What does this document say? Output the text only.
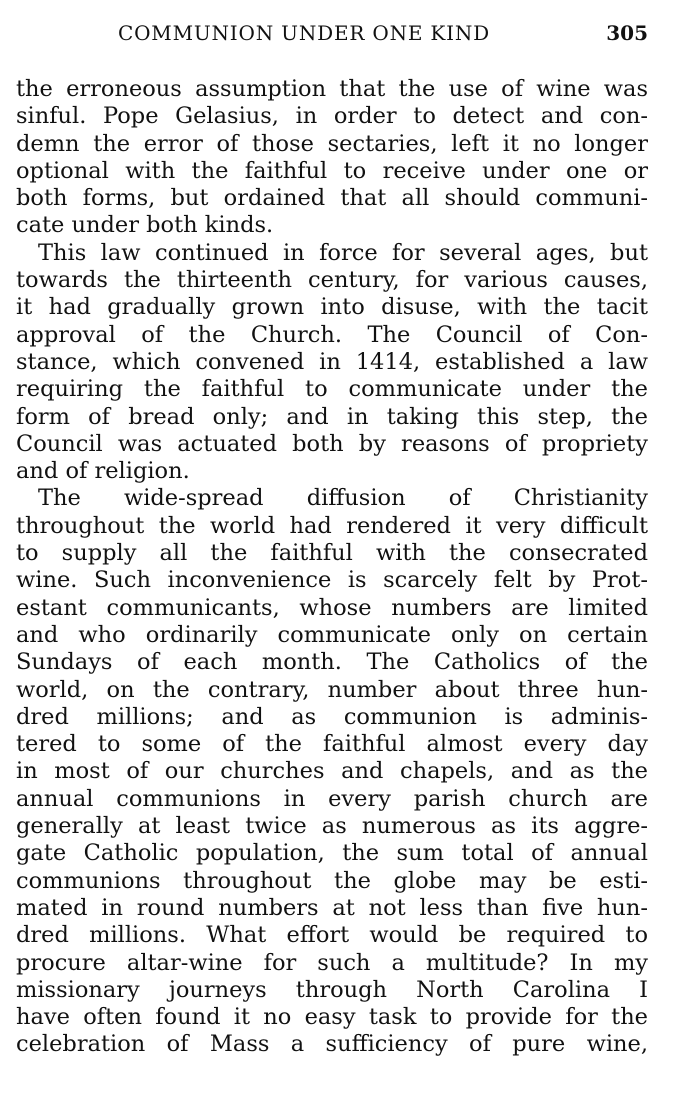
COMMUNION UNDER ONE KIND	305
the erroneous assumption that the use of wine was
sinful. Pope Gelasius, in order to detect and con-
demn the error of those sectaries, left it no longer
optional with the faithful to receive under one or
both forms, but ordained that all should communi-
cate under both kinds.
This law continued in force for several ages, but
towards the thirteenth century, for various causes,
it had gradually grown into disuse, with the tacit
approval of the Church. The Council of Con-
stance, which convened in 1414, established a law
requiring the faithful to communicate under the
form of bread only; and in taking this step, the
Council was actuated both by reasons of propriety
and of religion.
The wide-spread diffusion of Christianity
throughout the world had rendered it very difficult
to supply all the faithful with the consecrated
wine. Such inconvenience is scarcely felt by Prot-
estant communicants, whose numbers are limited
and who ordinarily communicate only on certain
Sundays of each month. The Catholics of the
world, on the contrary, number about three hun-
dred millions; and as communion is adminis-
tered to some of the faithful almost every day
in most of our churches and chapels, and as the
annual communions in every parish church are
generally at least twice as numerous as its aggre-
gate Catholic population, the sum total of annual
communions throughout the globe may be esti-
mated in round numbers at not less than five hun-
dred millions. What effort would be required to
procure altar-wine for such a multitude? In my
missionary journeys through North Carolina I
have often found it no easy task to provide for the
celebration of Mass a sufficiency of pure wine,
